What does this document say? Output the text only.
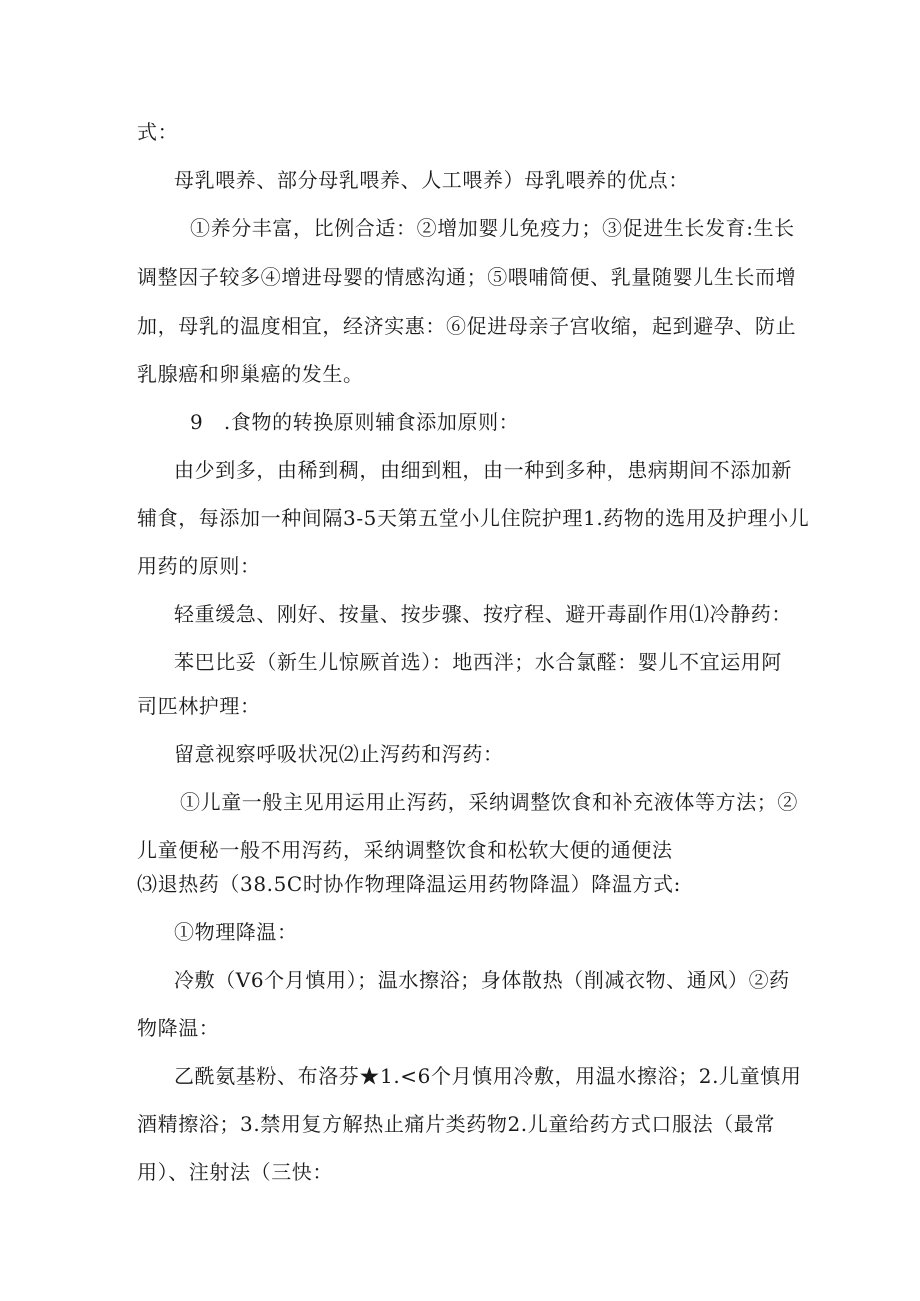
式：
母乳喂养、部分母乳喂养、人工喂养）母乳喂养的优点：
①养分丰富，比例合适：②增加婴儿免疫力；③促进生长发育:生长
调整因子较多④增进母婴的情感沟通；⑤喂哺简便、乳量随婴儿生长而增
加，母乳的温度相宜，经济实惠：⑥促进母亲子宫收缩，起到避孕、防止
乳腺癌和卵巢癌的发生。
9　.食物的转换原则辅食添加原则：
由少到多，由稀到稠，由细到粗，由一种到多种，患病期间不添加新
辅食，每添加一种间隔3-5天第五堂小儿住院护理1.药物的选用及护理小儿
用药的原则：
轻重缓急、刚好、按量、按步骤、按疗程、避开毒副作用⑴冷静药：
苯巴比妥（新生儿惊厥首选）：地西泮；水合氯醛：婴儿不宜运用阿
司匹林护理：
留意视察呼吸状况⑵止泻药和泻药：
①儿童一般主见用运用止泻药，采纳调整饮食和补充液体等方法；②
儿童便秘一般不用泻药，采纳调整饮食和松软大便的通便法
⑶退热药（38.5C时协作物理降温运用药物降温）降温方式:
①物理降温：
冷敷（V6个月慎用）；温水擦浴；身体散热（削减衣物、通风）②药
物降温：
乙酰氨基粉、布洛芬★1.<6个月慎用冷敷，用温水擦浴；2.儿童慎用
酒精擦浴；3.禁用复方解热止痛片类药物2.儿童给药方式口服法（最常
用）、注射法（三快：
